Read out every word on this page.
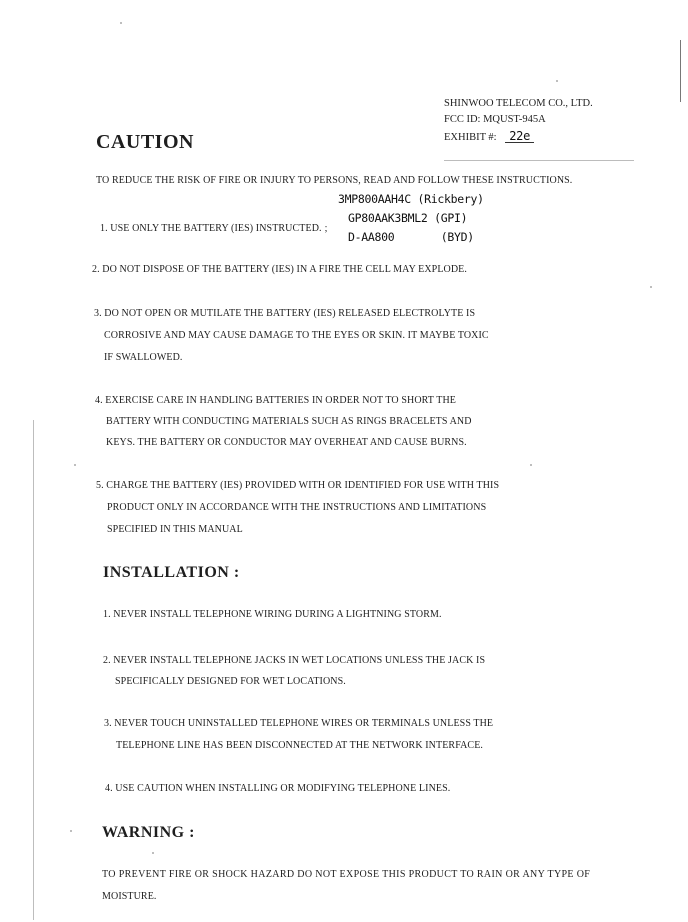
SHINWOO TELECOM CO., LTD.
FCC ID: MQUST-945A
EXHIBIT #: 22e
CAUTION
TO REDUCE THE RISK OF FIRE OR INJURY TO PERSONS, READ AND FOLLOW THESE INSTRUCTIONS.
3MP800AAH4C (Rickbery)
1. USE ONLY THE BATTERY (IES) INSTRUCTED. ;
GP80AAK3BML2 (GPI)
D-AA800       (BYD)
2. DO NOT DISPOSE OF THE BATTERY (IES) IN A FIRE THE CELL MAY EXPLODE.
3. DO NOT OPEN OR MUTILATE THE BATTERY (IES) RELEASED ELECTROLYTE IS
CORROSIVE AND MAY CAUSE DAMAGE TO THE EYES OR SKIN. IT MAYBE TOXIC
IF SWALLOWED.
4. EXERCISE CARE IN HANDLING BATTERIES IN ORDER NOT TO SHORT THE
BATTERY WITH CONDUCTING MATERIALS SUCH AS RINGS BRACELETS AND
KEYS. THE BATTERY OR CONDUCTOR MAY OVERHEAT AND CAUSE BURNS.
5. CHARGE THE BATTERY (IES) PROVIDED WITH OR IDENTIFIED FOR USE WITH THIS
PRODUCT ONLY IN ACCORDANCE WITH THE INSTRUCTIONS AND LIMITATIONS
SPECIFIED IN THIS MANUAL
INSTALLATION :
1. NEVER INSTALL TELEPHONE WIRING DURING A LIGHTNING STORM.
2. NEVER INSTALL TELEPHONE JACKS IN WET LOCATIONS UNLESS THE JACK IS
SPECIFICALLY DESIGNED FOR WET LOCATIONS.
3. NEVER TOUCH UNINSTALLED TELEPHONE WIRES OR TERMINALS UNLESS THE
TELEPHONE LINE HAS BEEN DISCONNECTED AT THE NETWORK INTERFACE.
4. USE CAUTION WHEN INSTALLING OR MODIFYING TELEPHONE LINES.
WARNING :
TO PREVENT FIRE OR SHOCK HAZARD DO NOT EXPOSE THIS PRODUCT TO RAIN OR ANY TYPE OF
MOISTURE.
